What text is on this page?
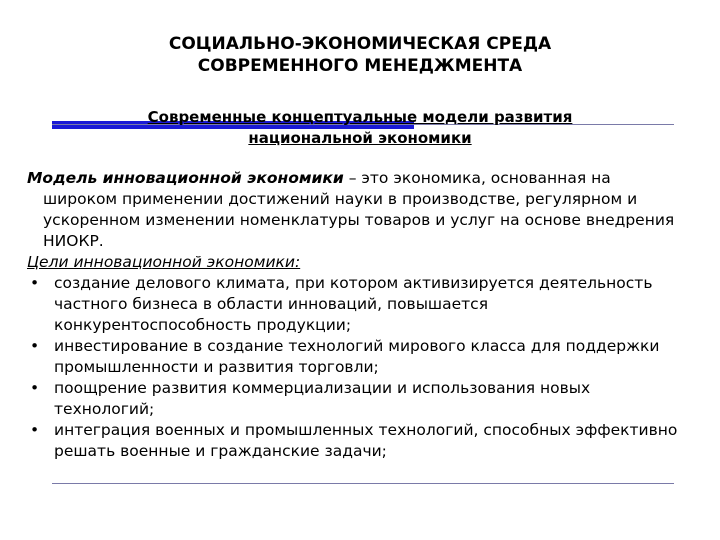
СОЦИАЛЬНО-ЭКОНОМИЧЕСКАЯ СРЕДА
СОВРЕМЕННОГО МЕНЕДЖМЕНТА
Современные концептуальные модели развития
национальной экономики

Модель инновационной экономики – это экономика, основанная на широком применении достижений науки в производстве, регулярном и ускоренном изменении номенклатуры товаров и услуг на основе внедрения НИОКР.

Цели инновационной экономики:

• создание делового климата, при котором активизируется деятельность частного бизнеса в области инноваций, повышается конкурентоспособность продукции;
• инвестирование в создание технологий мирового класса для поддержки промышленности и развития торговли;
• поощрение развития коммерциализации и использования новых технологий;
• интеграция военных и промышленных технологий, способных эффективно решать военные и гражданские задачи;
